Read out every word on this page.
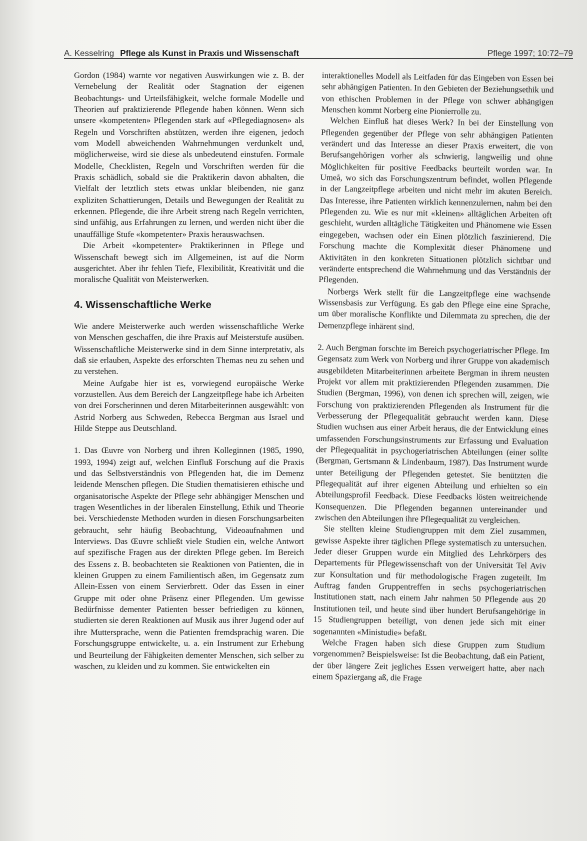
A. Kesselring Pflege als Kunst in Praxis und Wissenschaft	Pflege 1997; 10:72–79

Gordon (1984) warnte vor negativen Auswirkungen wie z. B. der Vernebelung der Realität oder Stagnation der eigenen Beobachtungs- und Urteilsfähigkeit, welche formale Modelle und Theorien auf praktizierende Pflegende haben können. Wenn sich unsere «kompetenten» Pflegenden stark auf «Pflegediagnosen» als Regeln und Vorschriften abstützen, werden ihre eigenen, jedoch vom Modell abweichenden Wahrnehmungen verdunkelt und, möglicherweise, wird sie diese als unbedeutend einstufen. Formale Modelle, Checklisten, Regeln und Vorschriften werden für die Praxis schädlich, sobald sie die Praktikerin davon abhalten, die Vielfalt der letztlich stets etwas unklar bleibenden, nie ganz expliziten Schattierungen, Details und Bewegungen der Realität zu erkennen. Pflegende, die ihre Arbeit streng nach Regeln verrichten, sind unfähig, aus Erfahrungen zu lernen, und werden nicht über die unauffällige Stufe «kompetenter» Praxis herauswachsen.

Die Arbeit «kompetenter» Praktikerinnen in Pflege und Wissenschaft bewegt sich im Allgemeinen, ist auf die Norm ausgerichtet. Aber ihr fehlen Tiefe, Flexibilität, Kreativität und die moralische Qualität von Meisterwerken.

4. Wissenschaftliche Werke

Wie andere Meisterwerke auch werden wissenschaftliche Werke von Menschen geschaffen, die ihre Praxis auf Meisterstufe ausüben. Wissenschaftliche Meisterwerke sind in dem Sinne interpretativ, als daß sie erlauben, Aspekte des erforschten Themas neu zu sehen und zu verstehen.

Meine Aufgabe hier ist es, vorwiegend europäische Werke vorzustellen. Aus dem Bereich der Langzeitpflege habe ich Arbeiten von drei Forscherinnen und deren Mitarbeiterinnen ausgewählt: von Astrid Norberg aus Schweden, Rebecca Bergman aus Israel und Hilde Steppe aus Deutschland.

1. Das Œuvre von Norberg und ihren Kolleginnen (1985, 1990, 1993, 1994) zeigt auf, welchen Einfluß Forschung auf die Praxis und das Selbstverständnis von Pflegenden hat, die im Demenz leidende Menschen pflegen. Die Studien thematisieren ethische und organisatorische Aspekte der Pflege sehr abhängiger Menschen und tragen Wesentliches in der liberalen Einstellung, Ethik und Theorie bei. Verschiedenste Methoden wurden in diesen Forschungsarbeiten gebraucht, sehr häufig Beobachtung, Videoaufnahmen und Interviews. Das Œuvre schließt viele Studien ein, welche Antwort auf spezifische Fragen aus der direkten Pflege geben. Im Bereich des Essens z. B. beobachteten sie Reaktionen von Patienten, die in kleinen Gruppen zu einem Familientisch aßen, im Gegensatz zum Allein-Essen von einem Servierbrett. Oder das Essen in einer Gruppe mit oder ohne Präsenz einer Pflegenden. Um gewisse Bedürfnisse dementer Patienten besser befriedigen zu können, studierten sie deren Reaktionen auf Musik aus ihrer Jugend oder auf ihre Muttersprache, wenn die Patienten fremdsprachig waren. Die Forschungsgruppe entwickelte, u. a. ein Instrument zur Erhebung und Beurteilung der Fähigkeiten dementer Menschen, sich selber zu waschen, zu kleiden und zu kommen. Sie entwickelten ein

interaktionelles Modell als Leitfaden für das Eingeben von Essen bei sehr abhängigen Patienten. In den Gebieten der Beziehungsethik und von ethischen Problemen in der Pflege von schwer abhängigen Menschen kommt Norberg eine Pionierrolle zu.

Welchen Einfluß hat dieses Werk? In bei der Einstellung von Pflegenden gegenüber der Pflege von sehr abhängigen Patienten verändert und das Interesse an dieser Praxis erweitert, die von Berufsangehörigen vorher als schwierig, langweilig und ohne Möglichkeiten für positive Feedbacks beurteilt worden war. In Umeå, wo sich das Forschungszentrum befindet, wollen Pflegende in der Langzeitpflege arbeiten und nicht mehr im akuten Bereich. Das Interesse, ihre Patienten wirklich kennenzulernen, nahm bei den Pflegenden zu. Wie es nur mit «kleinen» alltäglichen Arbeiten oft geschieht, wurden alltägliche Tätigkeiten und Phänomene wie Essen eingegeben, wachsen oder ein Einen plötzlich faszinierend. Die Forschung machte die Komplexität dieser Phänomene und Aktivitäten in den konkreten Situationen plötzlich sichtbar und veränderte entsprechend die Wahrnehmung und das Verständnis der Pflegenden.

Norbergs Werk stellt für die Langzeitpflege eine wachsende Wissensbasis zur Verfügung. Es gab den Pflege eine eine Sprache, um über moralische Konflikte und Dilemmata zu sprechen, die der Demenzpflege inhärent sind.

2. Auch Bergman forschte im Bereich psychogeriatrischer Pflege. Im Gegensatz zum Werk von Norberg und ihrer Gruppe von akademisch ausgebildeten Mitarbeiterinnen arbeitete Bergman in ihrem neusten Projekt vor allem mit praktizierenden Pflegenden zusammen. Die Studien (Bergman, 1996), von denen ich sprechen will, zeigen, wie Forschung von praktizierenden Pflegenden als Instrument für die Verbesserung der Pflegequalität gebraucht werden kann. Diese Studien wuchsen aus einer Arbeit heraus, die der Entwicklung eines umfassenden Forschungsinstruments zur Erfassung und Evaluation der Pflegequalität in psychogeriatrischen Abteilungen (einer sollte (Bergman, Gertsmann & Lindenbaum, 1987). Das Instrument wurde unter Beteiligung der Pflegenden getestet. Sie benützten die Pflegequalität auf ihrer eigenen Abteilung und erhielten so ein Abteilungsprofil Feedback. Diese Feedbacks lösten weitreichende Konsequenzen. Die Pflegenden begannen untereinander und zwischen den Abteilungen ihre Pflegequalität zu vergleichen.

Sie stellten kleine Studiengruppen mit dem Ziel zusammen, gewisse Aspekte ihrer täglichen Pflege systematisch zu untersuchen. Jeder dieser Gruppen wurde ein Mitglied des Lehrkörpers des Departements für Pflegewissenschaft von der Universität Tel Aviv zur Konsultation und für methodologische Fragen zugeteilt. Im Auftrag fanden Gruppentreffen in sechs psychogeriatrischen Institutionen statt, nach einem Jahr nahmen 50 Pflegende aus 20 Institutionen teil, und heute sind über hundert Berufsangehörige in 15 Studiengruppen beteiligt, von denen jede sich mit einer sogenannten «Ministudie» befaßt.

Welche Fragen haben sich diese Gruppen zum Studium vorgenommen? Beispielsweise: Ist die Beobachtung, daß ein Patient, der über längere Zeit jegliches Essen verweigert hatte, aber nach einem Spaziergang aß, die Frage
